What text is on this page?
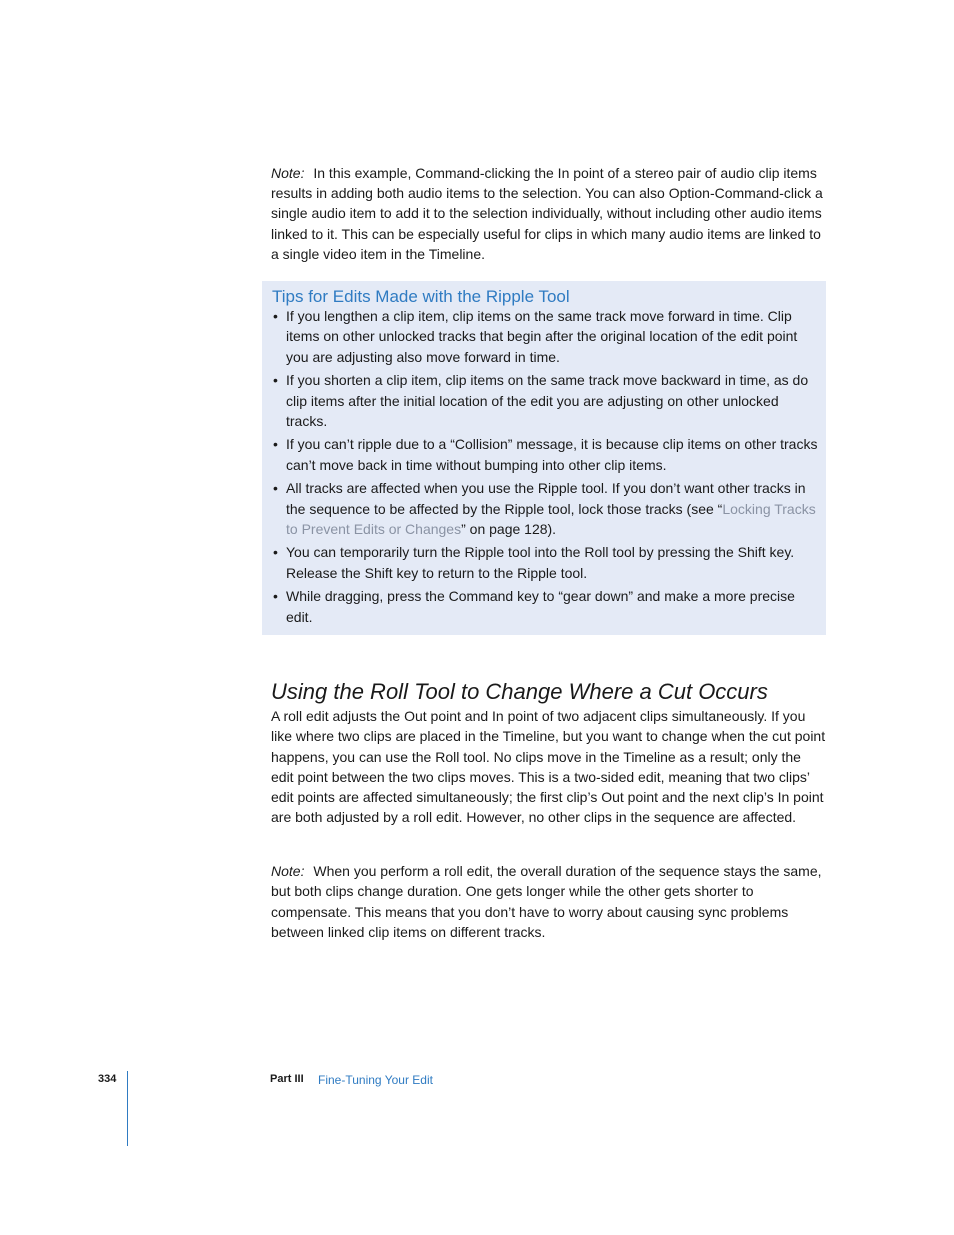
Note: In this example, Command-clicking the In point of a stereo pair of audio clip items results in adding both audio items to the selection. You can also Option-Command-click a single audio item to add it to the selection individually, without including other audio items linked to it. This can be especially useful for clips in which many audio items are linked to a single video item in the Timeline.
Tips for Edits Made with the Ripple Tool
• If you lengthen a clip item, clip items on the same track move forward in time. Clip items on other unlocked tracks that begin after the original location of the edit point you are adjusting also move forward in time.
• If you shorten a clip item, clip items on the same track move backward in time, as do clip items after the initial location of the edit you are adjusting on other unlocked tracks.
• If you can’t ripple due to a “Collision” message, it is because clip items on other tracks can’t move back in time without bumping into other clip items.
• All tracks are affected when you use the Ripple tool. If you don’t want other tracks in the sequence to be affected by the Ripple tool, lock those tracks (see “Locking Tracks to Prevent Edits or Changes” on page 128).
• You can temporarily turn the Ripple tool into the Roll tool by pressing the Shift key. Release the Shift key to return to the Ripple tool.
• While dragging, press the Command key to “gear down” and make a more precise edit.
Using the Roll Tool to Change Where a Cut Occurs

A roll edit adjusts the Out point and In point of two adjacent clips simultaneously. If you like where two clips are placed in the Timeline, but you want to change when the cut point happens, you can use the Roll tool. No clips move in the Timeline as a result; only the edit point between the two clips moves. This is a two-sided edit, meaning that two clips’ edit points are affected simultaneously; the first clip’s Out point and the next clip’s In point are both adjusted by a roll edit. However, no other clips in the sequence are affected.

Note: When you perform a roll edit, the overall duration of the sequence stays the same, but both clips change duration. One gets longer while the other gets shorter to compensate. This means that you don’t have to worry about causing sync problems between linked clip items on different tracks.

334	Part III Fine-Tuning Your Edit
